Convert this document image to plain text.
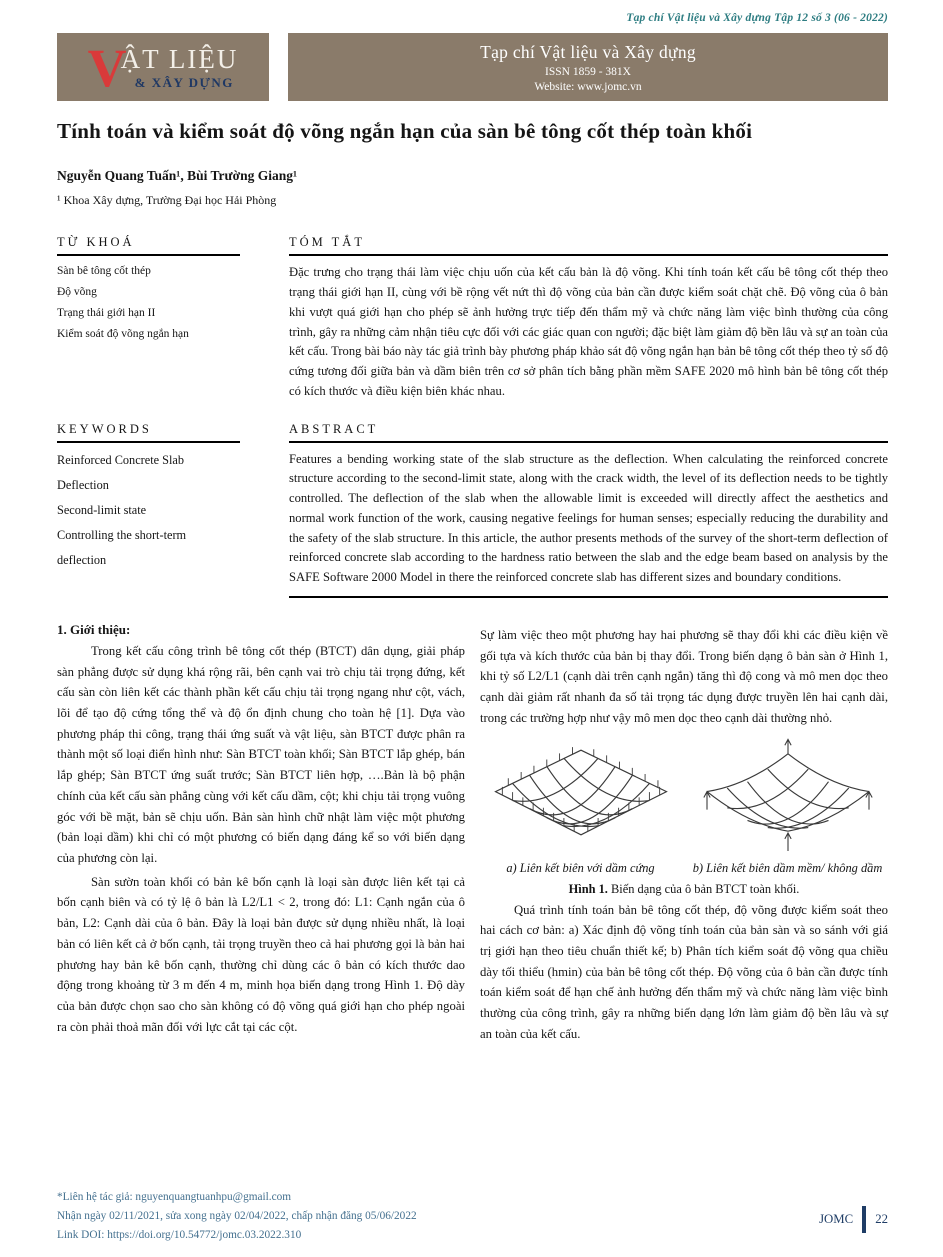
Tạp chí Vật liệu và Xây dựng Tập 12 số 3 (06 - 2022)
V
ẬT LIỆU
& XÂY DỰNG
Tạp chí Vật liệu và Xây dựng
ISSN 1859 - 381X
Website: www.jomc.vn
Tính toán và kiểm soát độ võng ngắn hạn của sàn bê tông cốt thép toàn khối
Nguyễn Quang Tuấn¹, Bùi Trường Giang¹
¹ Khoa Xây dựng, Trường Đại học Hải Phòng
TỪ KHOÁ
Sàn bê tông cốt thép
Độ võng
Trạng thái giới hạn II
Kiểm soát độ võng ngắn hạn
TÓM TẮT

Đặc trưng cho trạng thái làm việc chịu uốn của kết cấu bản là độ võng. Khi tính toán kết cấu bê tông cốt thép theo trạng thái giới hạn II, cùng với bề rộng vết nứt thì độ võng của bản cần được kiểm soát chặt chẽ. Độ võng của ô bản khi vượt quá giới hạn cho phép sẽ ảnh hưởng trực tiếp đến thẩm mỹ và chức năng làm việc bình thường của công trình, gây ra những cảm nhận tiêu cực đối với các giác quan con người; đặc biệt làm giảm độ bền lâu và sự an toàn của kết cấu. Trong bài báo này tác giả trình bày phương pháp khảo sát độ võng ngắn hạn bản bê tông cốt thép theo tỷ số độ cứng tương đối giữa bản và dầm biên trên cơ sở phân tích bằng phần mềm SAFE 2020 mô hình bản bê tông cốt thép có kích thước và điều kiện biên khác nhau.

KEYWORDS
Reinforced Concrete Slab
Deflection
Second-limit state
Controlling the short-term
deflection
ABSTRACT

Features a bending working state of the slab structure as the deflection. When calculating the reinforced concrete structure according to the second-limit state, along with the crack width, the level of its deflection needs to be tightly controlled. The deflection of the slab when the allowable limit is exceeded will directly affect the aesthetics and normal work function of the work, causing negative feelings for human senses; especially reducing the durability and the safety of the slab structure. In this article, the author presents methods of the survey of the short-term deflection of reinforced concrete slab according to the hardness ratio between the slab and the edge beam based on analysis by the SAFE Software 2000 Model in there the reinforced concrete slab has different sizes and boundary conditions.

1. Giới thiệu:

Trong kết cấu công trình bê tông cốt thép (BTCT) dân dụng, giải pháp sàn phẳng được sử dụng khá rộng rãi, bên cạnh vai trò chịu tải trọng đứng, kết cấu sàn còn liên kết các thành phần kết cấu chịu tải trọng ngang như cột, vách, lõi để tạo độ cứng tổng thể và độ ổn định chung cho toàn hệ [1]. Dựa vào phương pháp thi công, trạng thái ứng suất và vật liệu, sàn BTCT được phân ra thành một số loại điển hình như: Sàn BTCT toàn khối; Sàn BTCT lắp ghép, bán lắp ghép; Sàn BTCT ứng suất trước; Sàn BTCT liên hợp, ….Bản là bộ phận chính của kết cấu sàn phẳng cùng với kết cấu dầm, cột; khi chịu tải trọng vuông góc với bề mặt, bản sẽ chịu uốn. Bản sàn hình chữ nhật làm việc một phương (bản loại dầm) khi chỉ có một phương có biến dạng đáng kể so với biến dạng của phương còn lại.

Sàn sườn toàn khối có bản kê bốn cạnh là loại sàn được liên kết tại cả bốn cạnh biên và có tỷ lệ ô bản là L2/L1 < 2, trong đó: L1: Cạnh ngắn của ô bản, L2: Cạnh dài của ô bản. Đây là loại bản được sử dụng nhiều nhất, là loại bản có liên kết cả ở bốn cạnh, tải trọng truyền theo cả hai phương gọi là bản hai phương hay bản kê bốn cạnh, thường chỉ dùng các ô bản có kích thước dao động trong khoảng từ 3 m đến 4 m, minh họa biến dạng trong Hình 1. Độ dày của bản được chọn sao cho sàn không có độ võng quá giới hạn cho phép ngoài ra còn phải thoả mãn đối với lực cắt tại các cột.

Sự làm việc theo một phương hay hai phương sẽ thay đổi khi các điều kiện về gối tựa và kích thước của bản bị thay đổi. Trong biến dạng ô bản sàn ở Hình 1, khi tỷ số L2/L1 (cạnh dài trên cạnh ngắn) tăng thì độ cong và mô men dọc theo cạnh dài giảm rất nhanh đa số tải trọng tác dụng được truyền lên hai cạnh dài, trong các trường hợp như vậy mô men dọc theo cạnh dài thường nhỏ.

a) Liên kết biên với dầm cứng	b) Liên kết biên dầm mềm/ không dầm
Hình 1. Biến dạng của ô bản BTCT toàn khối.

Quá trình tính toán bản bê tông cốt thép, độ võng được kiểm soát theo hai cách cơ bản: a) Xác định độ võng tính toán của bản sàn và so sánh với giá trị giới hạn theo tiêu chuẩn thiết kế; b) Phân tích kiểm soát độ võng qua chiều dày tối thiểu (hmin) của bản bê tông cốt thép. Độ võng của ô bản cần được tính toán kiểm soát để hạn chế ảnh hưởng đến thẩm mỹ và chức năng làm việc bình thường của công trình, gây ra những biến dạng lớn làm giảm độ bền lâu và sự an toàn của kết cấu.

*Liên hệ tác giả: nguyenquangtuanhpu@gmail.com
Nhận ngày 02/11/2021, sửa xong ngày 02/04/2022, chấp nhận đăng 05/06/2022
Link DOI: https://doi.org/10.54772/jomc.03.2022.310
JOMC 22
